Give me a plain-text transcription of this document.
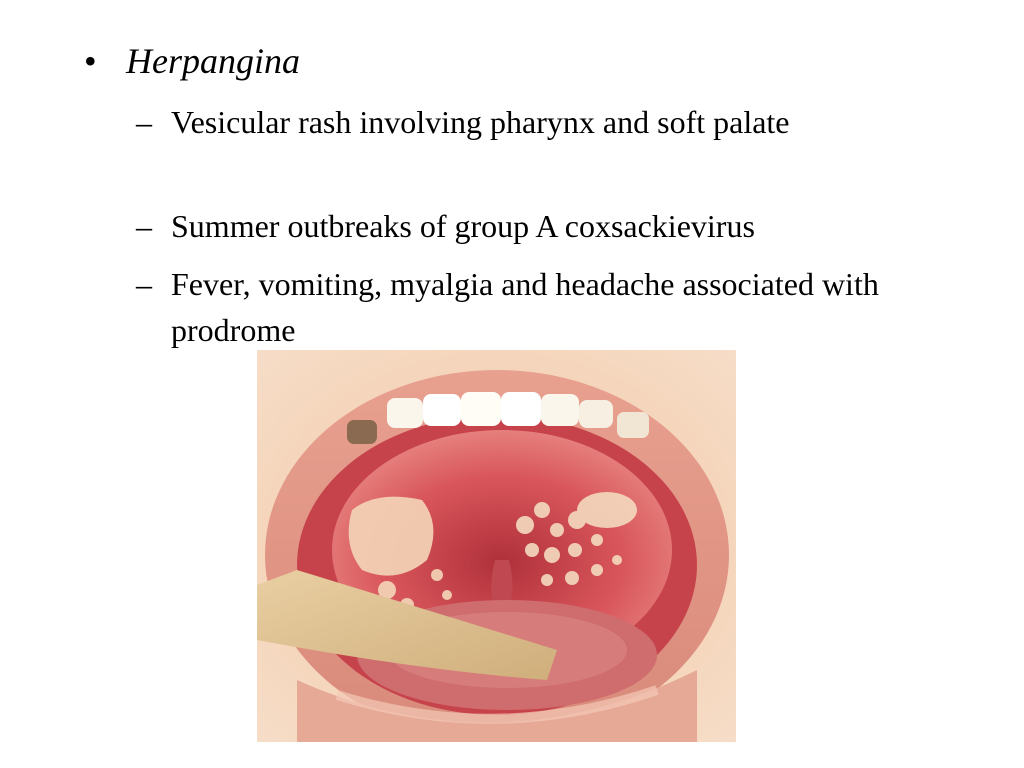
• Herpangina
– Vesicular rash involving pharynx and soft palate
– Summer outbreaks of group A coxsackievirus
– Fever, vomiting, myalgia and headache associated with prodrome
